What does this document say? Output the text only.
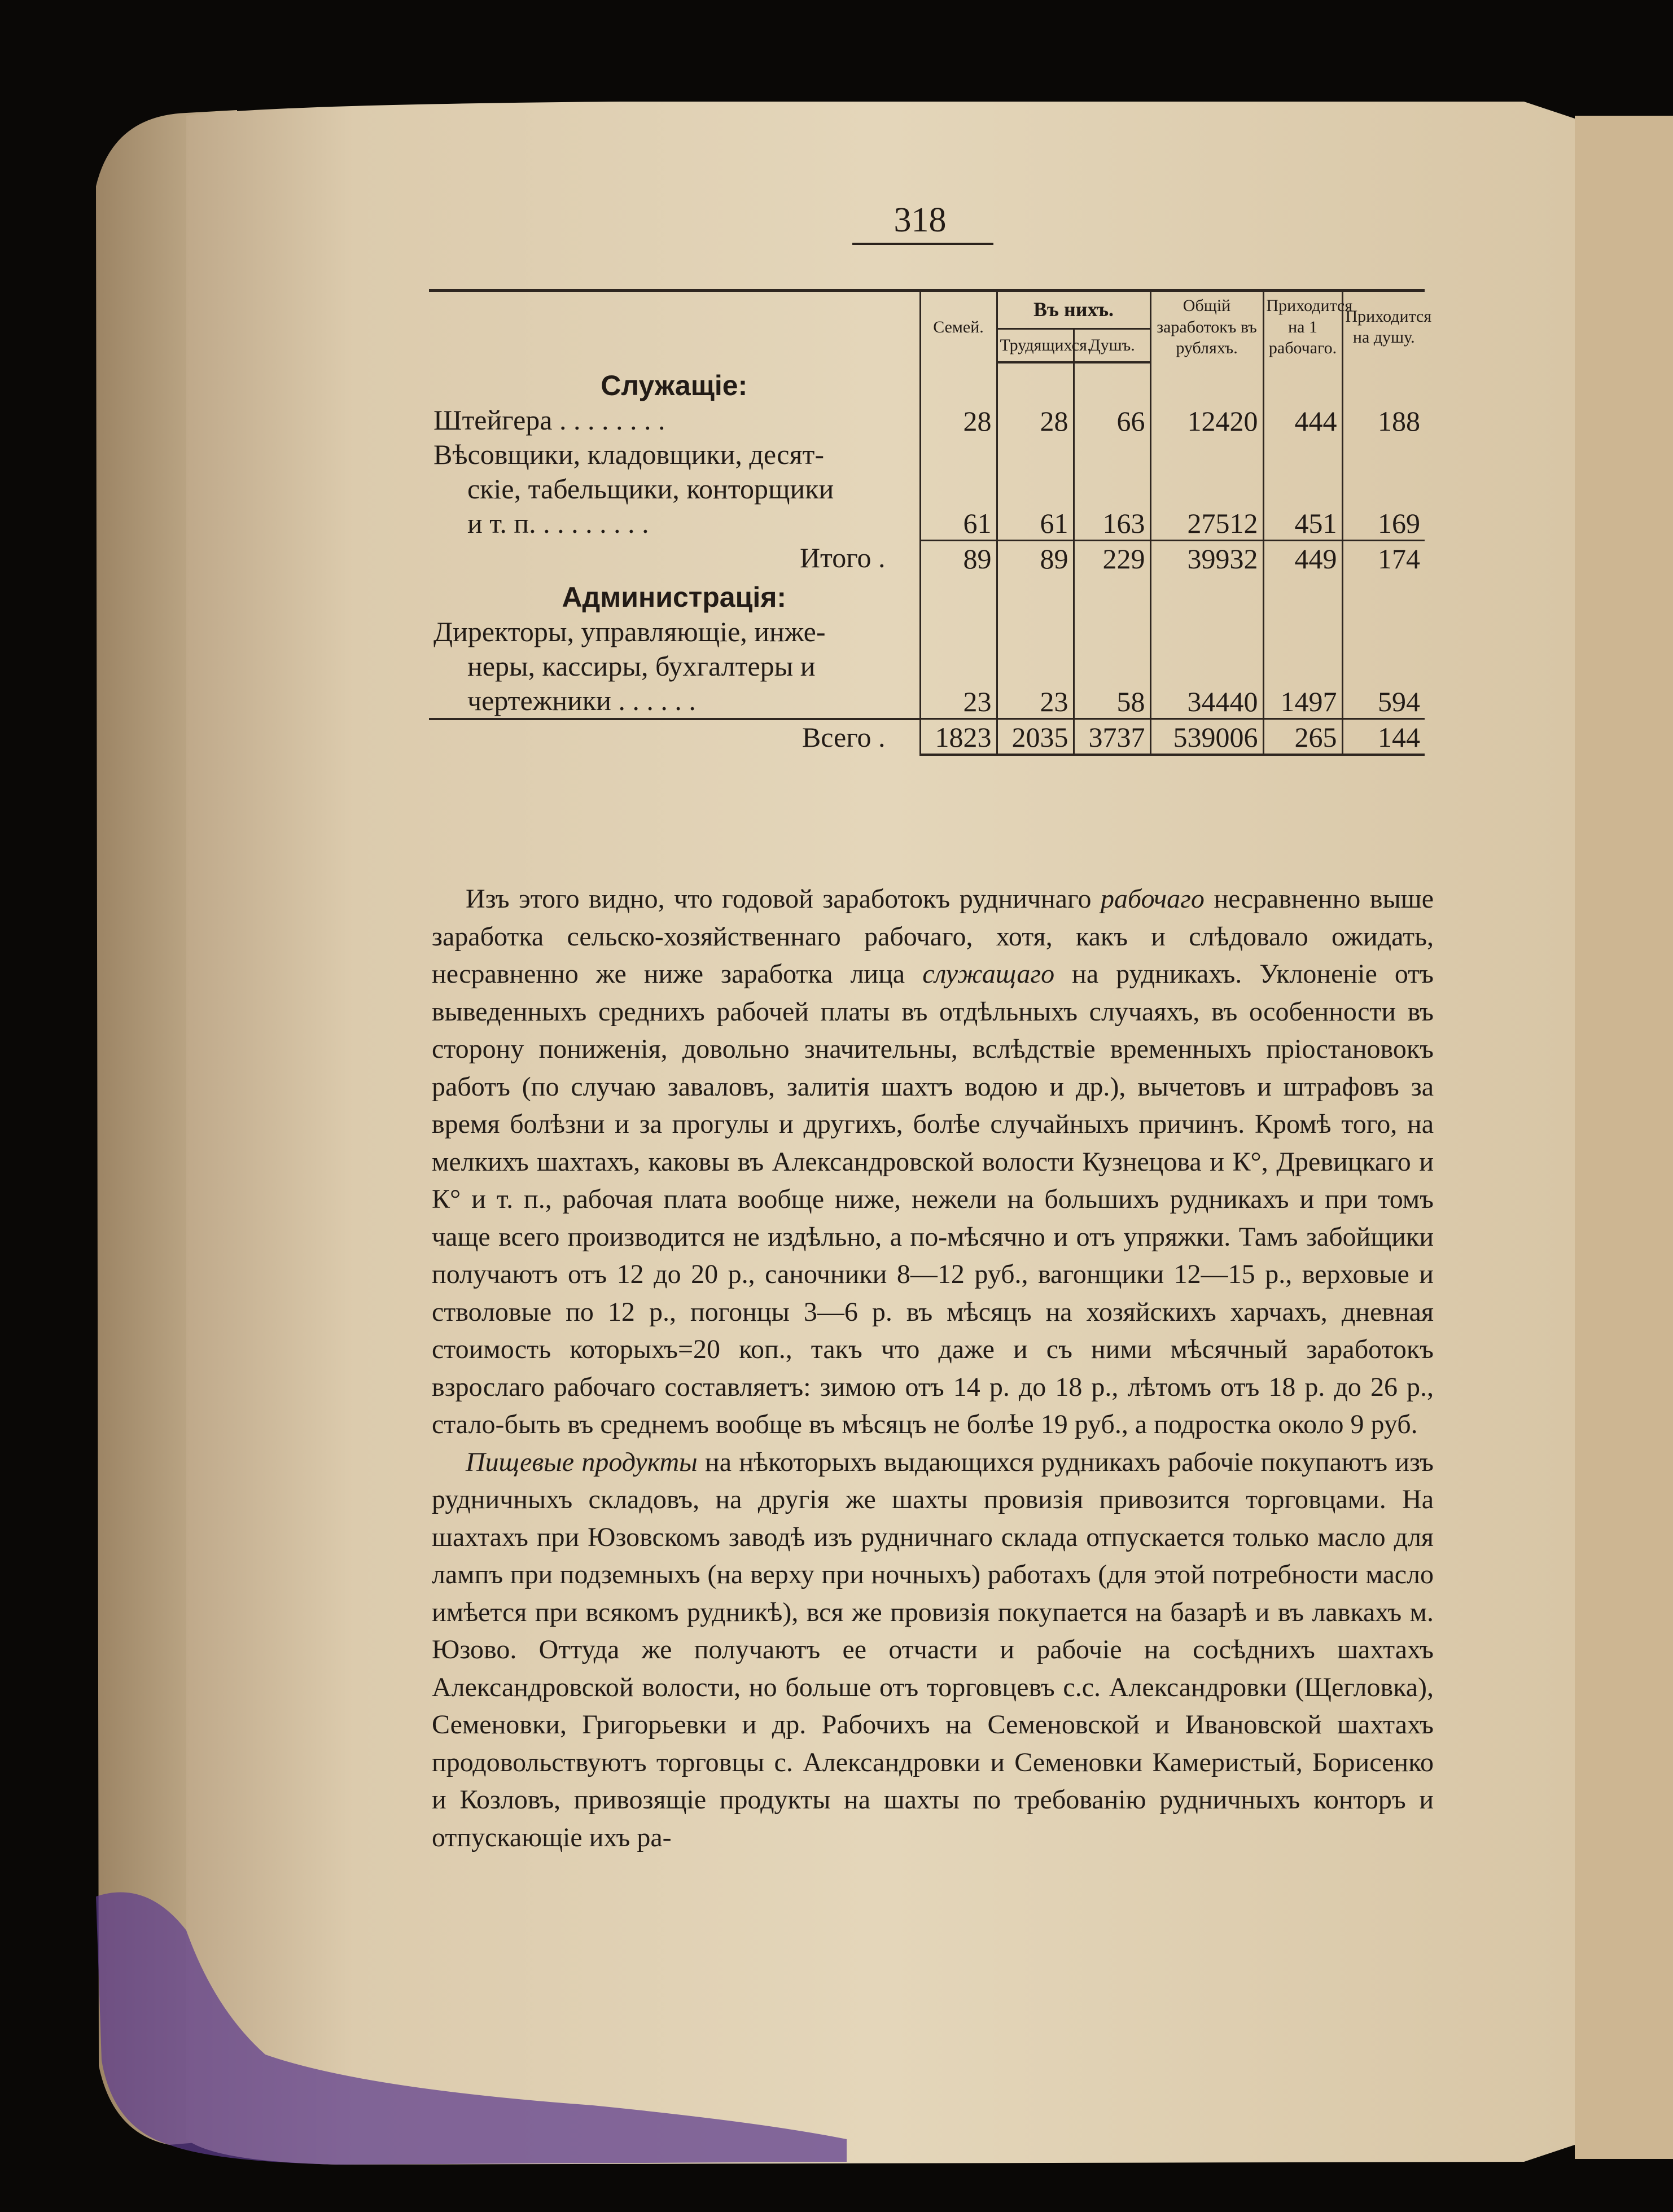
318
	Семей.	Въ нихъ.		Общій заработокъ въ рубляхъ.	Приходится на 1 рабочаго.	Приходится на душу.
		Трудящихся.	Душъ.			
Служащіе:						
Штейгера . . . . . . . .	28	28	66	12420	444	188
Вѣсовщики, кладовщики, десят-
скіе, табельщики, конторщики
и т. п. . . . . . . . .	61	61	163	27512	451	169
Итого .	89	89	229	39932	449	174
Администрація:						
Директоры, управляющіе, инже-
неры, кассиры, бухгалтеры и
чертежники . . . . . .	23	23	58	34440	1497	594
Всего .	1823	2035	3737	539006	265	144

Изъ этого видно, что годовой заработокъ рудничнаго рабочаго несравненно выше заработка сельско-хозяйственнаго рабочаго, хотя, какъ и слѣдовало ожидать, несравненно же ниже заработка лица служащаго на рудникахъ. Уклоненіе отъ выведенныхъ среднихъ рабочей платы въ отдѣльныхъ случаяхъ, въ особенности въ сторону пониженія, довольно значительны, вслѣдствіе временныхъ пріостановокъ работъ (по случаю заваловъ, залитія шахтъ водою и др.), вычетовъ и штрафовъ за время болѣзни и за прогулы и другихъ, болѣе случайныхъ причинъ. Кромѣ того, на мелкихъ шахтахъ, каковы въ Александровской волости Кузнецова и К°, Древицкаго и К° и т. п., рабочая плата вообще ниже, нежели на большихъ рудникахъ и при томъ чаще всего производится не издѣльно, а по-мѣсячно и отъ упряжки. Тамъ забойщики получаютъ отъ 12 до 20 р., саночники 8—12 руб., вагонщики 12—15 р., верховые и стволовые по 12 р., погонцы 3—6 р. въ мѣсяцъ на хозяйскихъ харчахъ, дневная стоимость которыхъ=20 коп., такъ что даже и съ ними мѣсячный заработокъ взрослаго рабочаго составляетъ: зимою отъ 14 р. до 18 р., лѣтомъ отъ 18 р. до 26 р., стало-быть въ среднемъ вообще въ мѣсяцъ не болѣе 19 руб., а подростка около 9 руб.

Пищевые продукты на нѣкоторыхъ выдающихся рудникахъ рабочіе покупаютъ изъ рудничныхъ складовъ, на другія же шахты провизія привозится торговцами. На шахтахъ при Юзовскомъ заводѣ изъ рудничнаго склада отпускается только масло для лампъ при подземныхъ (на верху при ночныхъ) работахъ (для этой потребности масло имѣется при всякомъ рудникѣ), вся же провизія покупается на базарѣ и въ лавкахъ м. Юзово. Оттуда же получаютъ ее отчасти и рабочіе на сосѣднихъ шахтахъ Александровской волости, но больше отъ торговцевъ с.с. Александровки (Щегловка), Семеновки, Григорьевки и др. Рабочихъ на Семеновской и Ивановской шахтахъ продовольствуютъ торговцы с. Александровки и Семеновки Камеристый, Борисенко и Козловъ, привозящіе продукты на шахты по требованію рудничныхъ конторъ и отпускающіе ихъ ра-
